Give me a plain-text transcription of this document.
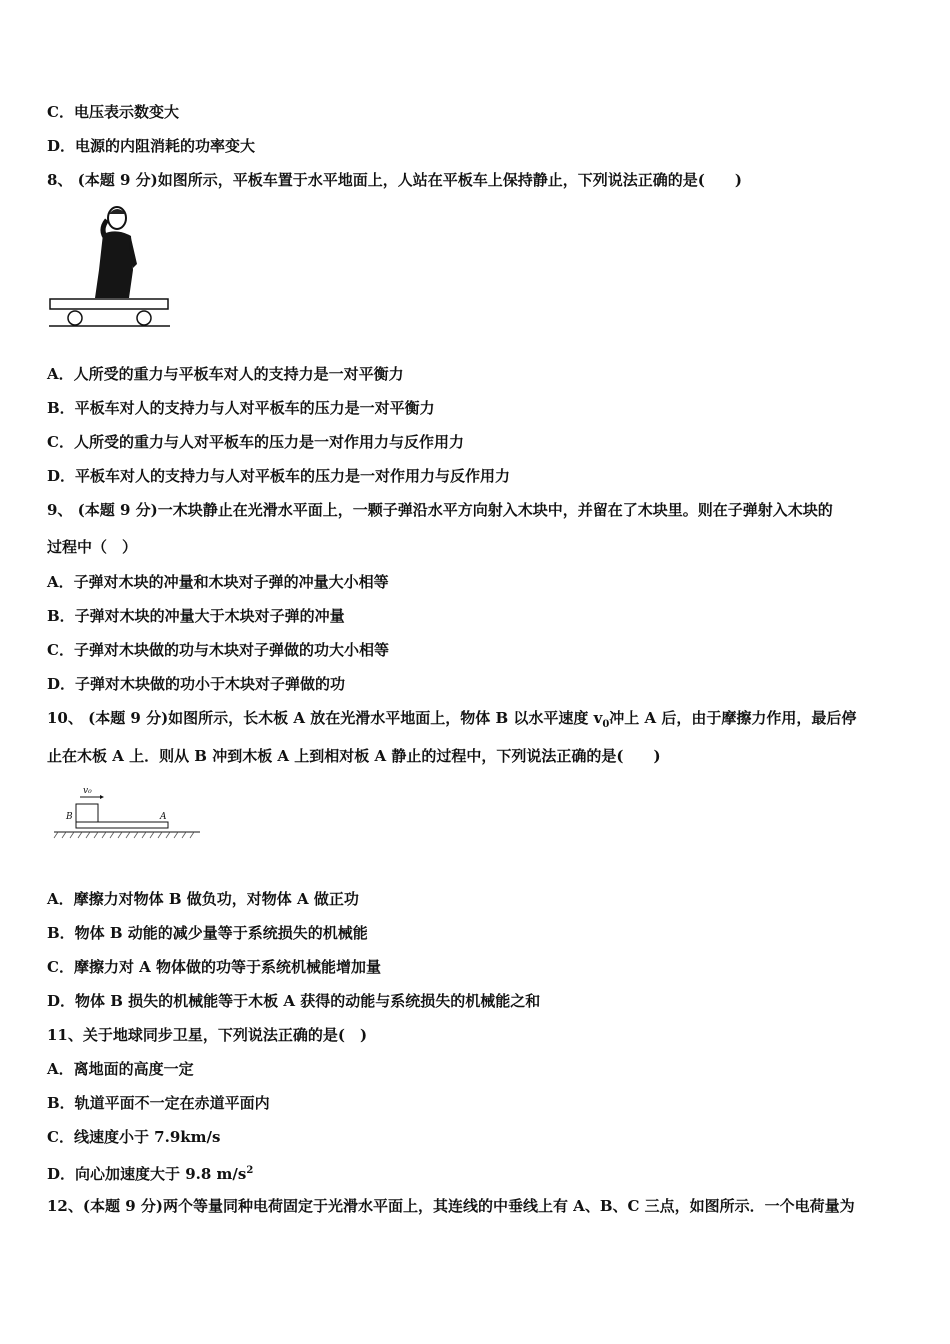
C．电压表示数变大
D．电源的内阻消耗的功率变大
8、 (本题 9 分)如图所示，平板车置于水平地面上，人站在平板车上保持静止，下列说法正确的是(　　)
A．人所受的重力与平板车对人的支持力是一对平衡力
B．平板车对人的支持力与人对平板车的压力是一对平衡力
C．人所受的重力与人对平板车的压力是一对作用力与反作用力
D．平板车对人的支持力与人对平板车的压力是一对作用力与反作用力
9、 (本题 9 分)一木块静止在光滑水平面上，一颗子弹沿水平方向射入木块中，并留在了木块里。则在子弹射入木块的
过程中（　）
A．子弹对木块的冲量和木块对子弹的冲量大小相等
B．子弹对木块的冲量大于木块对子弹的冲量
C．子弹对木块做的功与木块对子弹做的功大小相等
D．子弹对木块做的功小于木块对子弹做的功
10、 (本题 9 分)如图所示，长木板 A 放在光滑水平地面上，物体 B 以水平速度 $v_0$冲上 A 后，由于摩擦力作用，最后停
止在木板 A 上．则从 B 冲到木板 A 上到相对板 A 静止的过程中，下列说法正确的是(　　)
v₀
B	A
A．摩擦力对物体 B 做负功，对物体 A 做正功
B．物体 B 动能的减少量等于系统损失的机械能
C．摩擦力对 A 物体做的功等于系统机械能增加量
D．物体 B 损失的机械能等于木板 A 获得的动能与系统损失的机械能之和
11、关于地球同步卫星，下列说法正确的是(　)
A．离地面的高度一定
B．轨道平面不一定在赤道平面内
C．线速度小于 7.9km/s
D．向心加速度大于 9.8 $m/s^2$
12、(本题 9 分)两个等量同种电荷固定于光滑水平面上，其连线的中垂线上有 A、B、C 三点，如图所示．一个电荷量为
